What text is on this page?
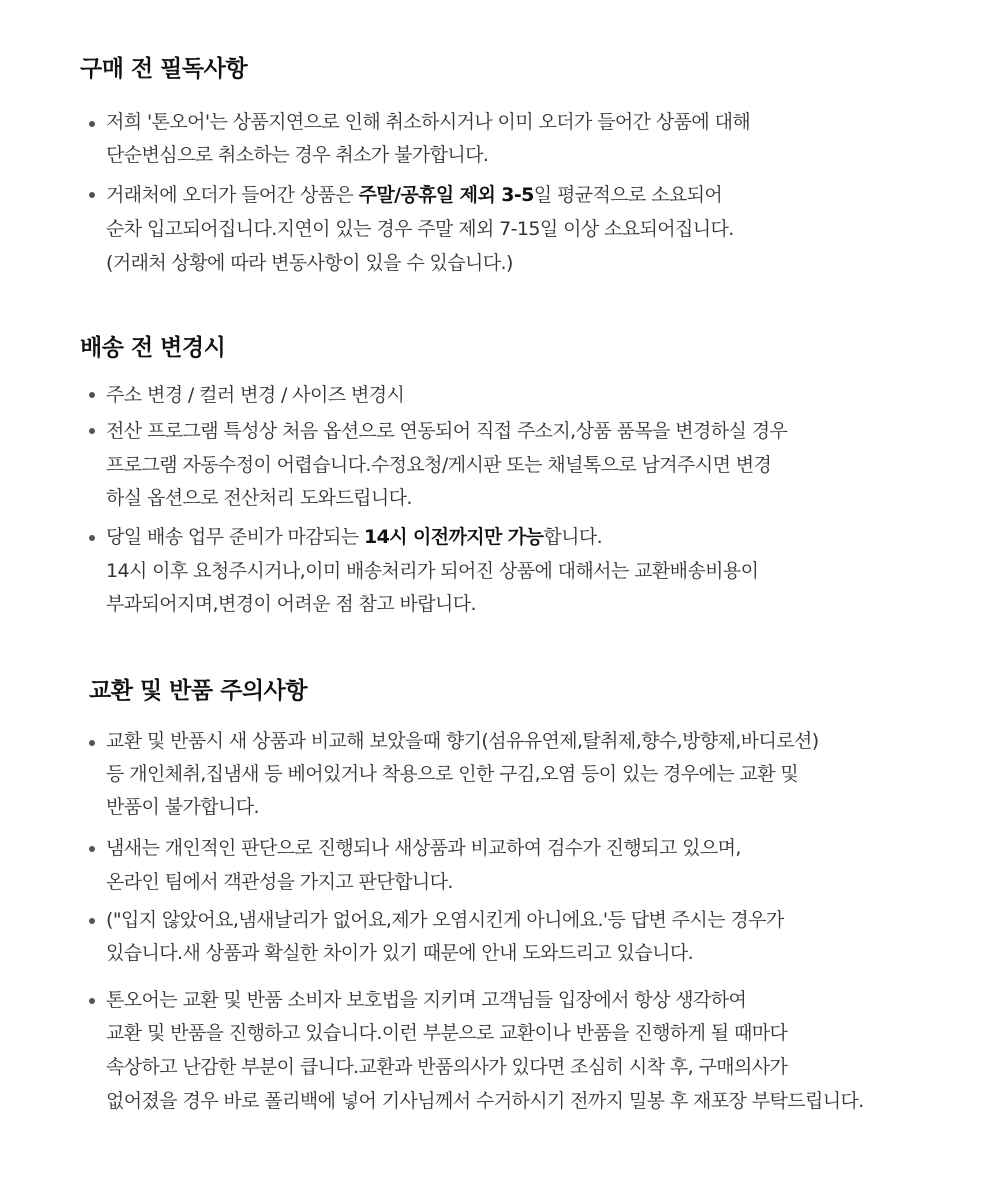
구매 전 필독사항
저희 '톤오어'는 상품지연으로 인해 취소하시거나 이미 오더가 들어간 상품에 대해
단순변심으로 취소하는 경우 취소가 불가합니다.
거래처에 오더가 들어간 상품은 주말/공휴일 제외 3-5일 평균적으로 소요되어
순차 입고되어집니다.지연이 있는 경우 주말 제외 7-15일 이상 소요되어집니다.
(거래처 상황에 따라 변동사항이 있을 수 있습니다.)
배송 전 변경시
주소 변경 / 컬러 변경 / 사이즈 변경시
전산 프로그램 특성상 처음 옵션으로 연동되어 직접 주소지,상품 품목을 변경하실 경우
프로그램 자동수정이 어렵습니다.수정요청/게시판 또는 채널톡으로 남겨주시면 변경
하실 옵션으로 전산처리 도와드립니다.
당일 배송 업무 준비가 마감되는 14시 이전까지만 가능합니다.
14시 이후 요청주시거나,이미 배송처리가 되어진 상품에 대해서는 교환배송비용이
부과되어지며,변경이 어려운 점 참고 바랍니다.
교환 및 반품 주의사항
교환 및 반품시 새 상품과 비교해 보았을때 향기(섬유유연제,탈취제,향수,방향제,바디로션)
등 개인체취,집냄새 등 베어있거나 착용으로 인한 구김,오염 등이 있는 경우에는 교환 및
반품이 불가합니다.
냄새는 개인적인 판단으로 진행되나 새상품과 비교하여 검수가 진행되고 있으며,
온라인 팀에서 객관성을 가지고 판단합니다.
("입지 않았어요,냄새날리가 없어요,제가 오염시킨게 아니에요.'등 답변 주시는 경우가
있습니다.새 상품과 확실한 차이가 있기 때문에 안내 도와드리고 있습니다.
톤오어는 교환 및 반품 소비자 보호법을 지키며 고객님들 입장에서 항상 생각하여
교환 및 반품을 진행하고 있습니다.이런 부분으로 교환이나 반품을 진행하게 될 때마다
속상하고 난감한 부분이 큽니다.교환과 반품의사가 있다면 조심히 시착 후, 구매의사가
없어졌을 경우 바로 폴리백에 넣어 기사님께서 수거하시기 전까지 밀봉 후 재포장 부탁드립니다.
